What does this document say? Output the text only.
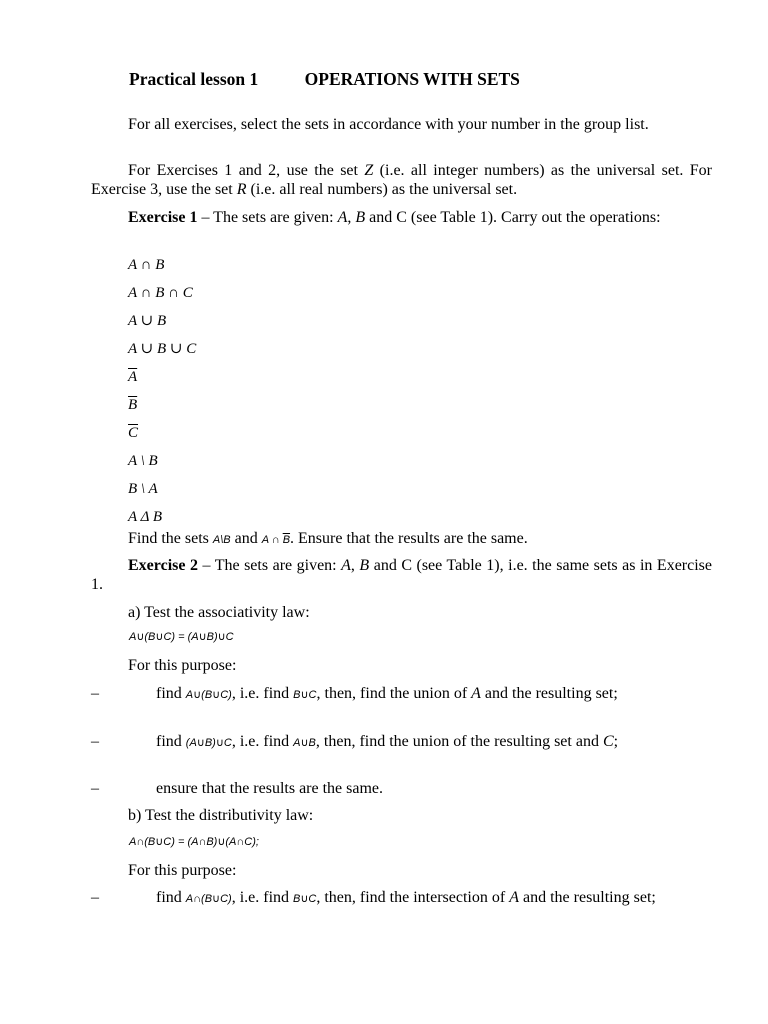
Practical lesson 1	OPERATIONS WITH SETS
For all exercises, select the sets in accordance with your number in the group list.
For Exercises 1 and 2, use the set Z (i.e. all integer numbers) as the universal set. For Exercise 3, use the set R (i.e. all real numbers) as the universal set.
Exercise 1 – The sets are given: A, B and C (see Table 1). Carry out the operations:
A ∩ B
A ∩ B ∩ C
A ∪ B
A ∪ B ∪ C
$\overline{A}$
$\overline{B}$
$\overline{C}$
A \ B
B \ A
A Δ B
Find the sets A\B and A ∩ $\overline{B}$. Ensure that the results are the same.
Exercise 2 – The sets are given: A, B and C (see Table 1), i.e. the same sets as in Exercise 1.
a) Test the associativity law:
A∪(B∪C) = (A∪B)∪C
For this purpose:
–	find A∪(B∪C), i.e. find B∪C, then, find the union of A and the resulting set;
–	find (A∪B)∪C, i.e. find A∪B, then, find the union of the resulting set and C;
–	ensure that the results are the same.
b) Test the distributivity law:
A∩(B∪C) = (A∩B)∪(A∩C);
For this purpose:
–	find A∩(B∪C), i.e. find B∪C, then, find the intersection of A and the resulting set;
